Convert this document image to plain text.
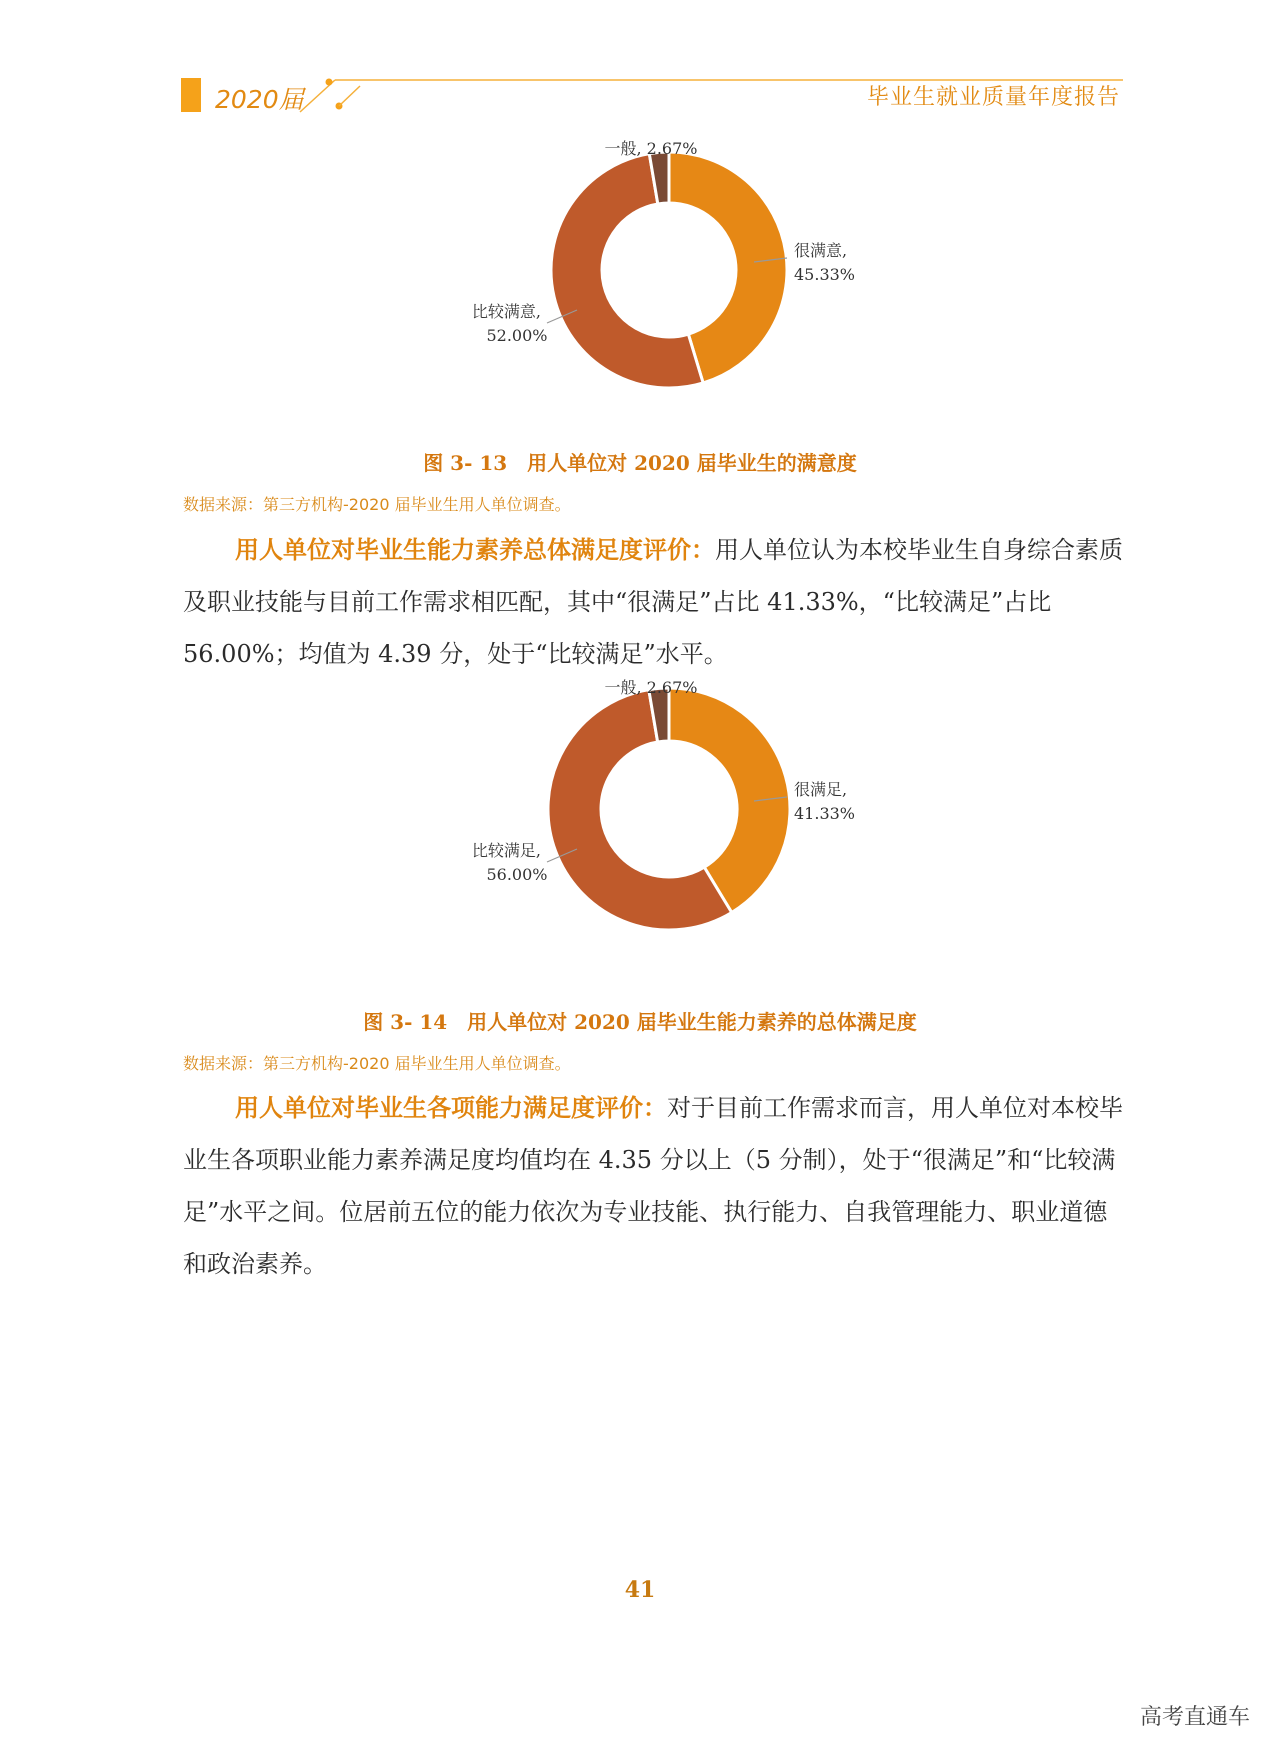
2020届	毕业生就业质量年度报告
很满意,
45.33%
比较满意,
52.00%
一般, 2.67%
图 3- 13　用人单位对 2020 届毕业生的满意度
数据来源：第三方机构-2020 届毕业生用人单位调查。
用人单位对毕业生能力素养总体满足度评价：用人单位认为本校毕业生自身综合素质及职业技能与目前工作需求相匹配，其中“很满足”占比 41.33%，“比较满足”占比 56.00%；均值为 4.39 分，处于“比较满足”水平。
很满足,
41.33%
比较满足,
56.00%
一般, 2.67%
图 3- 14　用人单位对 2020 届毕业生能力素养的总体满足度
数据来源：第三方机构-2020 届毕业生用人单位调查。
用人单位对毕业生各项能力满足度评价：对于目前工作需求而言，用人单位对本校毕业生各项职业能力素养满足度均值均在 4.35 分以上（5 分制），处于“很满足”和“比较满足”水平之间。位居前五位的能力依次为专业技能、执行能力、自我管理能力、职业道德和政治素养。
41
高考直通车
